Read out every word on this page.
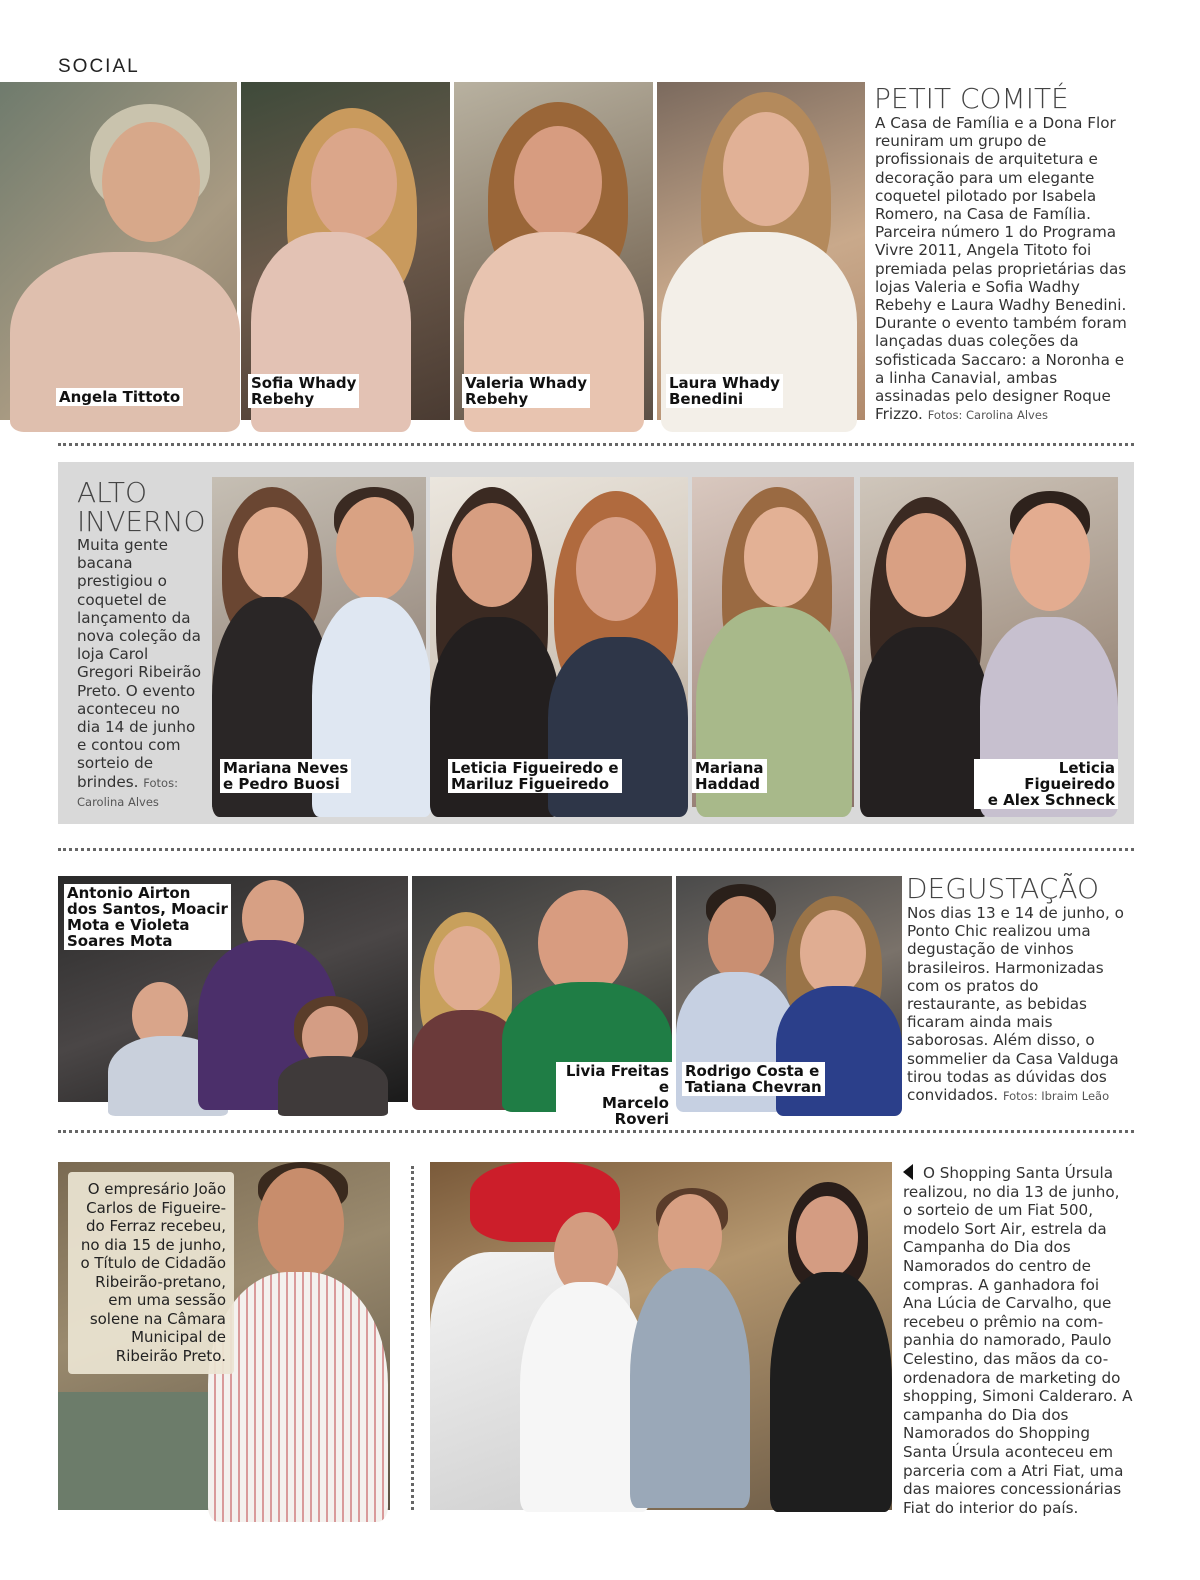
SOCIAL
Angela Tittoto
Sofia Whady
Rebehy
Valeria Whady
Rebehy
Laura Whady
Benedini
PETIT COMITÉ
A Casa de Família e a Dona Flor reuniram um grupo de profissionais de arquitetura e decoração para um elegante coquetel pilotado por Isabela Romero, na Casa de Família. Parceira número 1 do Programa Vivre 2011, Angela Titoto foi premiada pelas proprietárias das lojas Valeria e Sofia Wadhy Rebehy e Laura Wadhy Benedini. Durante o evento também foram lançadas duas coleções da sofisticada Saccaro: a Noronha e a linha Canavial, ambas assinadas pelo designer Roque Frizzo. Fotos: Carolina Alves
ALTO
INVERNO
Muita gente bacana prestigiou o coquetel de lançamento da nova coleção da loja Carol Gregori Ribeirão Preto. O evento aconteceu no dia 14 de junho e contou com sorteio de brindes. Fotos: Carolina Alves
Mariana Neves
e Pedro Buosi
Leticia Figueiredo e
Mariluz Figueiredo
Mariana
Haddad
Leticia Figueiredo
e Alex Schneck
Antonio Airton
dos Santos, Moacir
Mota e Violeta
Soares Mota
Livia Freitas e
Marcelo Roveri
Rodrigo Costa e
Tatiana Chevran
DEGUSTAÇÃO
Nos dias 13 e 14 de junho, o Ponto Chic realizou uma degustação de vinhos brasileiros. Harmonizadas com os pratos do restaurante, as bebidas ficaram ainda mais saborosas. Além disso, o sommelier da Casa Valduga tirou todas as dúvidas dos convidados. Fotos: Ibraim Leão

O empresário João Carlos de Figueire-do Ferraz recebeu, no dia 15 de junho, o Título de Cidadão Ribeirão-pretano, em uma sessão solene na Câmara Municipal de Ribeirão Preto.

O Shopping Santa Úrsula realizou, no dia 13 de junho, o sorteio de um Fiat 500, modelo Sort Air, estrela da Campanha do Dia dos Namorados do centro de compras. A ganhadora foi Ana Lúcia de Carvalho, que recebeu o prêmio na com-panhia do namorado, Paulo Celestino, das mãos da co-ordenadora de marketing do shopping, Simoni Calderaro. A campanha do Dia dos Namorados do Shopping Santa Úrsula aconteceu em parceria com a Atri Fiat, uma das maiores concessionárias Fiat do interior do país.
